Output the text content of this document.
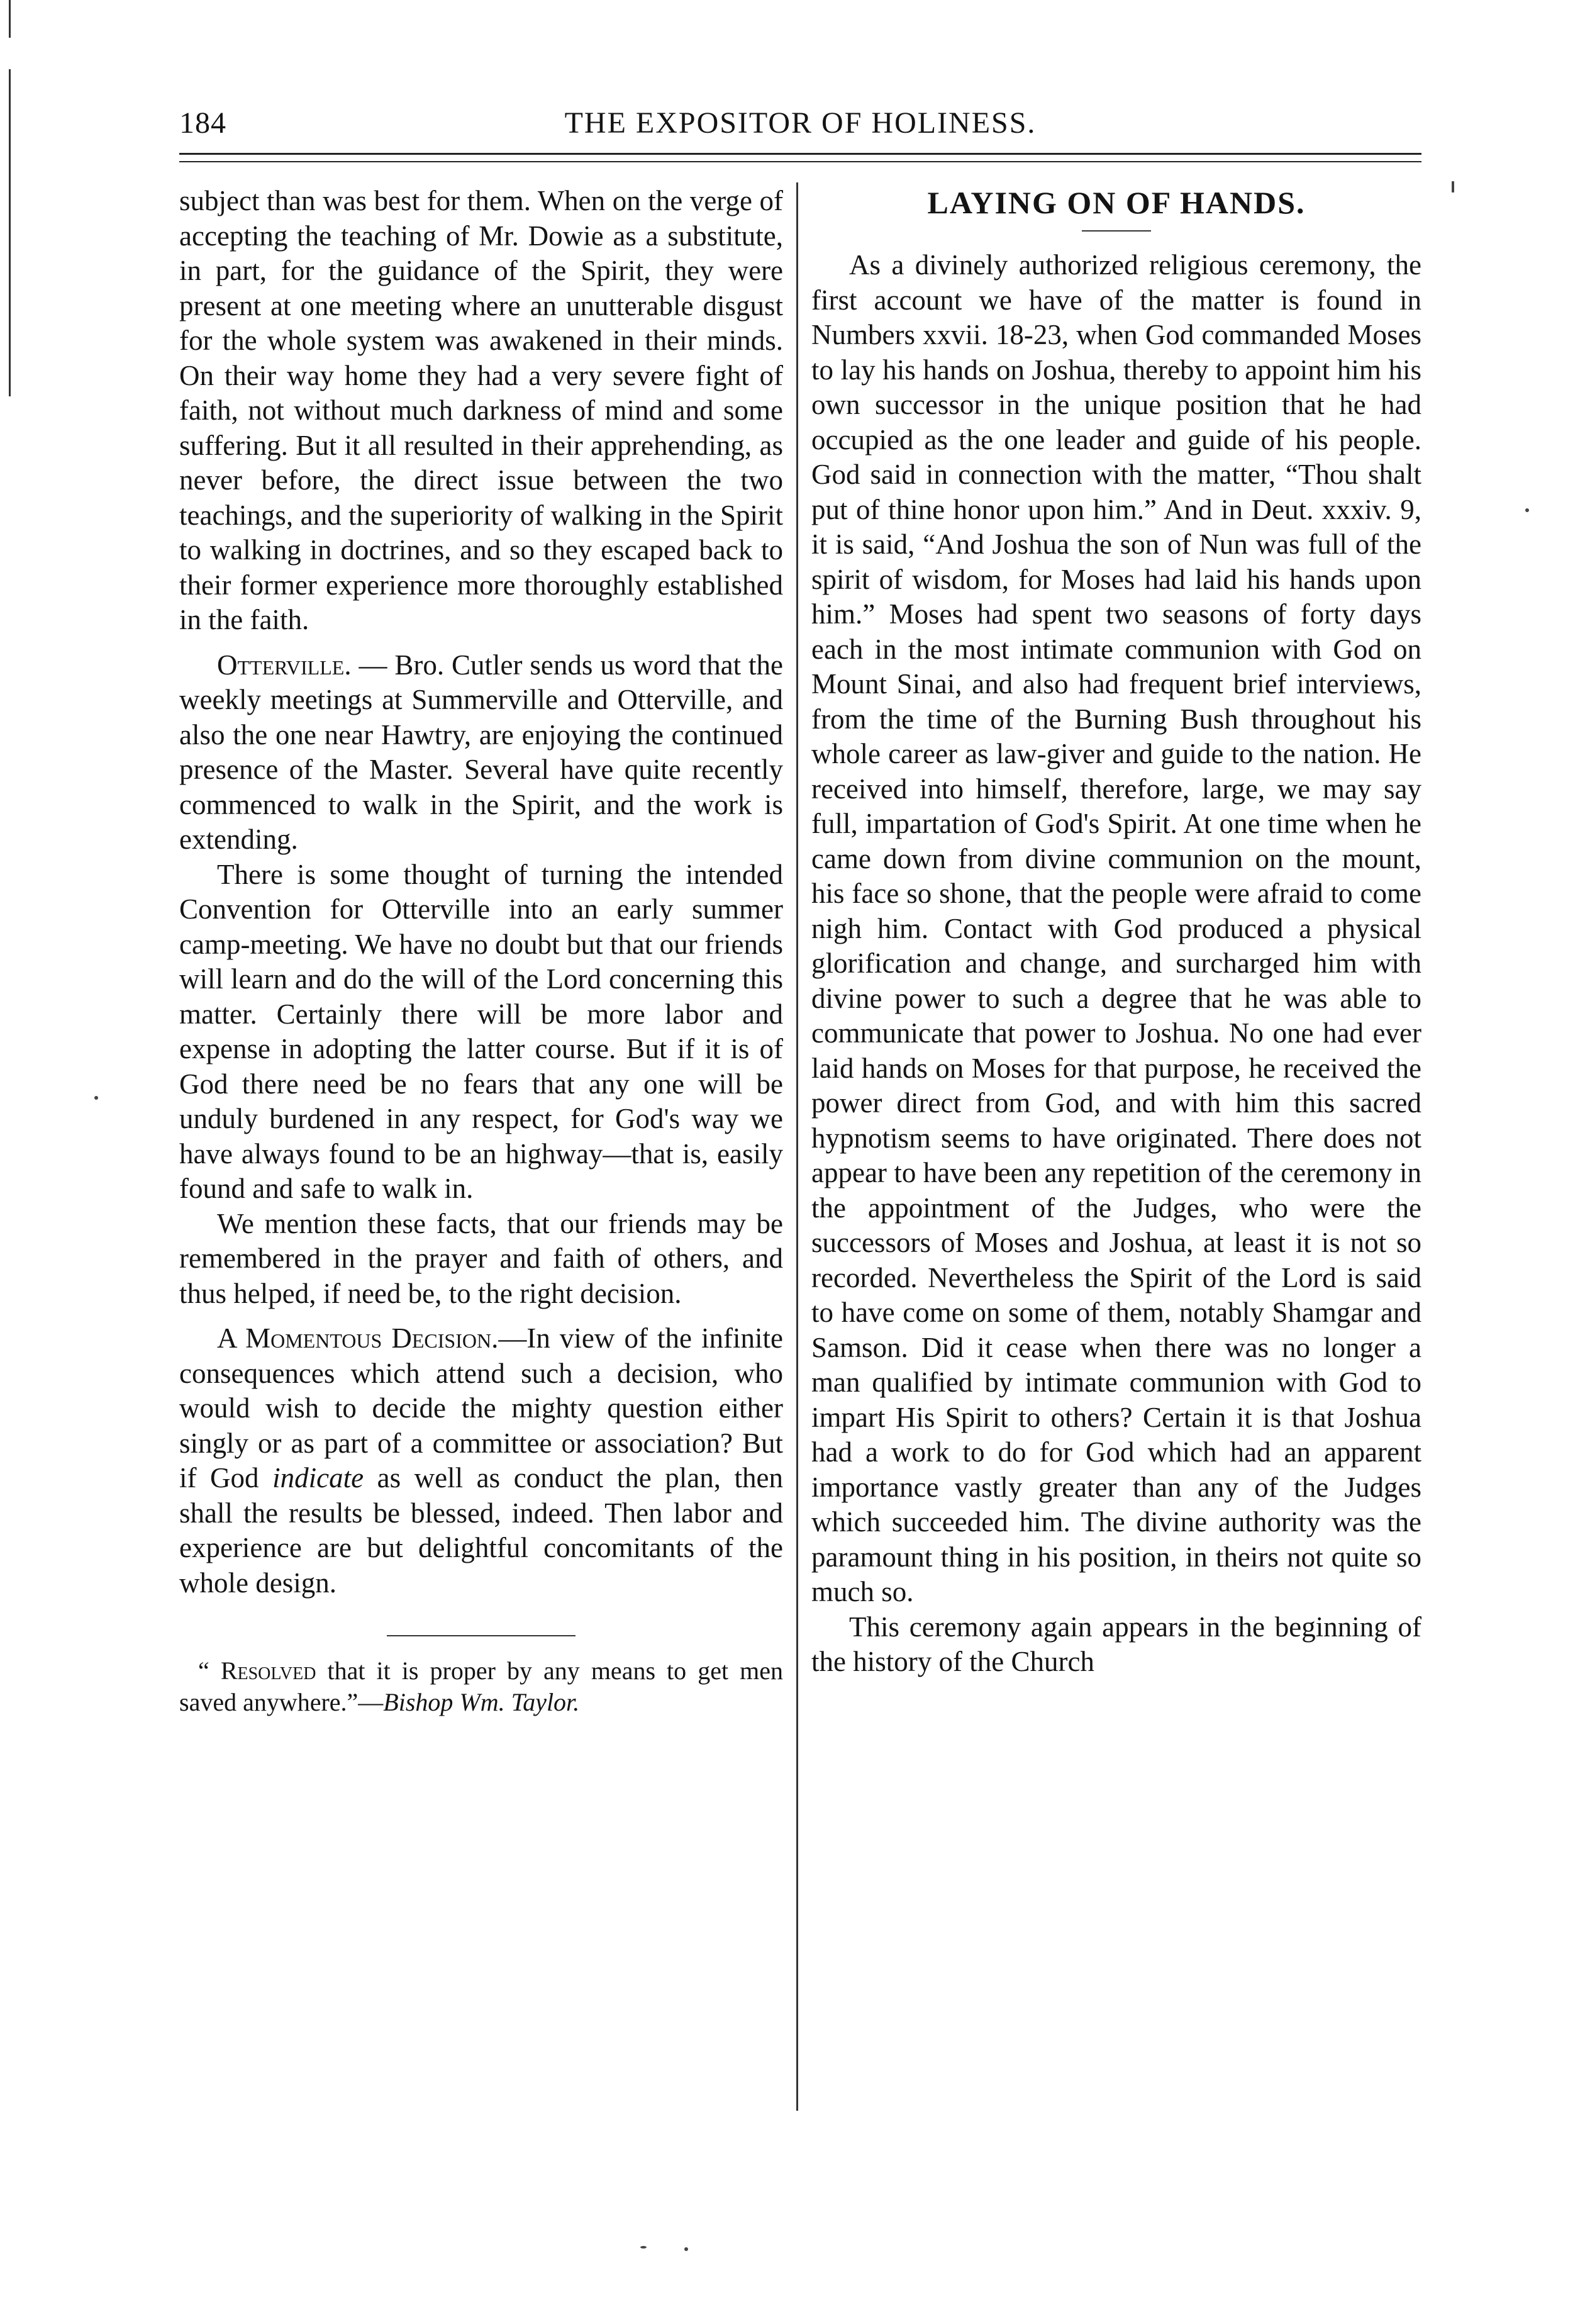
184	THE EXPOSITOR OF HOLINESS.

subject than was best for them. When on the verge of accepting the teaching of Mr. Dowie as a substitute, in part, for the guidance of the Spirit, they were present at one meeting where an unutterable disgust for the whole system was awakened in their minds. On their way home they had a very severe fight of faith, not without much darkness of mind and some suffering. But it all resulted in their apprehending, as never before, the direct issue between the two teachings, and the superiority of walking in the Spirit to walking in doctrines, and so they escaped back to their former experience more thoroughly established in the faith.

Otterville. — Bro. Cutler sends us word that the weekly meetings at Summerville and Otterville, and also the one near Hawtry, are enjoying the continued presence of the Master. Several have quite recently commenced to walk in the Spirit, and the work is extending.

There is some thought of turning the intended Convention for Otterville into an early summer camp-meeting. We have no doubt but that our friends will learn and do the will of the Lord concerning this matter. Certainly there will be more labor and expense in adopting the latter course. But if it is of God there need be no fears that any one will be unduly burdened in any respect, for God's way we have always found to be an highway—that is, easily found and safe to walk in.

We mention these facts, that our friends may be remembered in the prayer and faith of others, and thus helped, if need be, to the right decision.

A Momentous Decision.—In view of the infinite consequences which attend such a decision, who would wish to decide the mighty question either singly or as part of a committee or association? But if God indicate as well as conduct the plan, then shall the results be blessed, indeed. Then labor and experience are but delightful concomitants of the whole design.

“ Resolved that it is proper by any means to get men saved anywhere.”—Bishop Wm. Taylor.

LAYING ON OF HANDS.

As a divinely authorized religious ceremony, the first account we have of the matter is found in Numbers xxvii. 18-23, when God commanded Moses to lay his hands on Joshua, thereby to appoint him his own successor in the unique position that he had occupied as the one leader and guide of his people. God said in connection with the matter, “Thou shalt put of thine honor upon him.” And in Deut. xxxiv. 9, it is said, “And Joshua the son of Nun was full of the spirit of wisdom, for Moses had laid his hands upon him.” Moses had spent two seasons of forty days each in the most intimate communion with God on Mount Sinai, and also had frequent brief interviews, from the time of the Burning Bush throughout his whole career as law-giver and guide to the nation. He received into himself, therefore, large, we may say full, impartation of God's Spirit. At one time when he came down from divine communion on the mount, his face so shone, that the people were afraid to come nigh him. Contact with God produced a physical glorification and change, and surcharged him with divine power to such a degree that he was able to communicate that power to Joshua. No one had ever laid hands on Moses for that purpose, he received the power direct from God, and with him this sacred hypnotism seems to have originated. There does not appear to have been any repetition of the ceremony in the appointment of the Judges, who were the successors of Moses and Joshua, at least it is not so recorded. Nevertheless the Spirit of the Lord is said to have come on some of them, notably Shamgar and Samson. Did it cease when there was no longer a man qualified by intimate communion with God to impart His Spirit to others? Certain it is that Joshua had a work to do for God which had an apparent importance vastly greater than any of the Judges which succeeded him. The divine authority was the paramount thing in his position, in theirs not quite so much so.

This ceremony again appears in the beginning of the history of the Church
